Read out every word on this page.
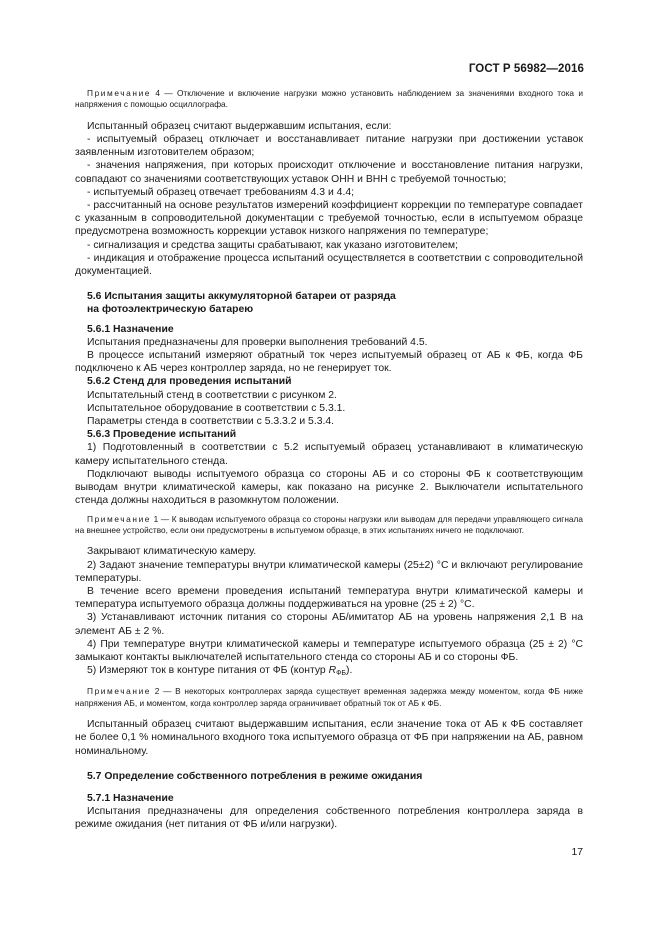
ГОСТ Р 56982—2016

Примечание 4 — Отключение и включение нагрузки можно установить наблюдением за значениями входного тока и напряжения с помощью осциллографа.

Испытанный образец считают выдержавшим испытания, если:

- испытуемый образец отключает и восстанавливает питание нагрузки при достижении уставок заявленным изготовителем образом;

- значения напряжения, при которых происходит отключение и восстановление питания нагрузки, совпадают со значениями соответствующих уставок ОНН и ВНН с требуемой точностью;

- испытуемый образец отвечает требованиям 4.3 и 4.4;

- рассчитанный на основе результатов измерений коэффициент коррекции по температуре совпадает с указанным в сопроводительной документации с требуемой точностью, если в испытуемом образце предусмотрена возможность коррекции уставок низкого напряжения по температуре;

- сигнализация и средства защиты срабатывают, как указано изготовителем;

- индикация и отображение процесса испытаний осуществляется в соответствии с сопроводительной документацией.

5.6 Испытания защиты аккумуляторной батареи от разряда

на фотоэлектрическую батарею

5.6.1 Назначение

Испытания предназначены для проверки выполнения требований 4.5.

В процессе испытаний измеряют обратный ток через испытуемый образец от АБ к ФБ, когда ФБ подключено к АБ через контроллер заряда, но не генерирует ток.

5.6.2 Стенд для проведения испытаний

Испытательный стенд в соответствии с рисунком 2.

Испытательное оборудование в соответствии с 5.3.1.

Параметры стенда в соответствии с 5.3.3.2 и 5.3.4.

5.6.3 Проведение испытаний

1) Подготовленный в соответствии с 5.2 испытуемый образец устанавливают в климатическую камеру испытательного стенда.

Подключают выводы испытуемого образца со стороны АБ и со стороны ФБ к соответствующим выводам внутри климатической камеры, как показано на рисунке 2. Выключатели испытательного стенда должны находиться в разомкнутом положении.

Примечание 1 — К выводам испытуемого образца со стороны нагрузки или выводам для передачи управляющего сигнала на внешнее устройство, если они предусмотрены в испытуемом образце, в этих испытаниях ничего не подключают.

Закрывают климатическую камеру.

2) Задают значение температуры внутри климатической камеры (25±2) °С и включают регулирование температуры.

В течение всего времени проведения испытаний температура внутри климатической камеры и температура испытуемого образца должны поддерживаться на уровне (25 ± 2) °С.

3) Устанавливают источник питания со стороны АБ/имитатор АБ на уровень напряжения 2,1 В на элемент АБ ± 2 %.

4) При температуре внутри климатической камеры и температуре испытуемого образца (25 ± 2) °С замыкают контакты выключателей испытательного стенда со стороны АБ и со стороны ФБ.

5) Измеряют ток в контуре питания от ФБ (контур $R_{ФБ}$).

Примечание 2 — В некоторых контроллерах заряда существует временная задержка между моментом, когда ФБ ниже напряжения АБ, и моментом, когда контроллер заряда ограничивает обратный ток от АБ к ФБ.

Испытанный образец считают выдержавшим испытания, если значение тока от АБ к ФБ составляет не более 0,1 % номинального входного тока испытуемого образца от ФБ при напряжении на АБ, равном номинальному.

5.7 Определение собственного потребления в режиме ожидания

5.7.1 Назначение

Испытания предназначены для определения собственного потребления контроллера заряда в режиме ожидания (нет питания от ФБ и/или нагрузки).

17
